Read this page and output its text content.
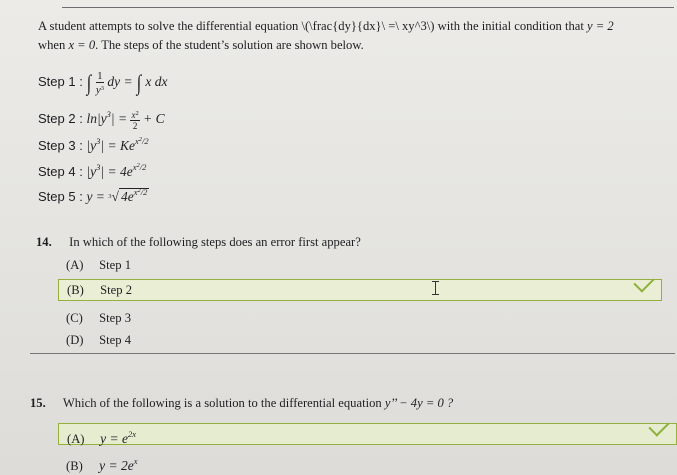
A student attempts to solve the differential equation \(\frac{dy}{dx}\ =\ xy^3\) with the initial condition that y = 2
when x = 0. The steps of the student’s solution are shown below.
Step 1 : ∫ $\frac{1}{y^3}$ dy = ∫ x dx
Step 2 : $\ln|y^3| = \frac{x^2}{2} + C$
Step 3 : $|y^3| = Ke^{x^2/2}$
Step 4 : $|y^3| = 4e^{x^2/2}$
Step 5 : y = $^3$√ $4e^{x^2/2}$
14. In which of the following steps does an error first appear?
(A) Step 1
(B) Step 2
(C) Step 3
(D) Step 4
15. Which of the following is a solution to the differential equation y’’ − 4y = 0 ?
(A) $y = e^{2x}$
(B) $y = 2e^x$
